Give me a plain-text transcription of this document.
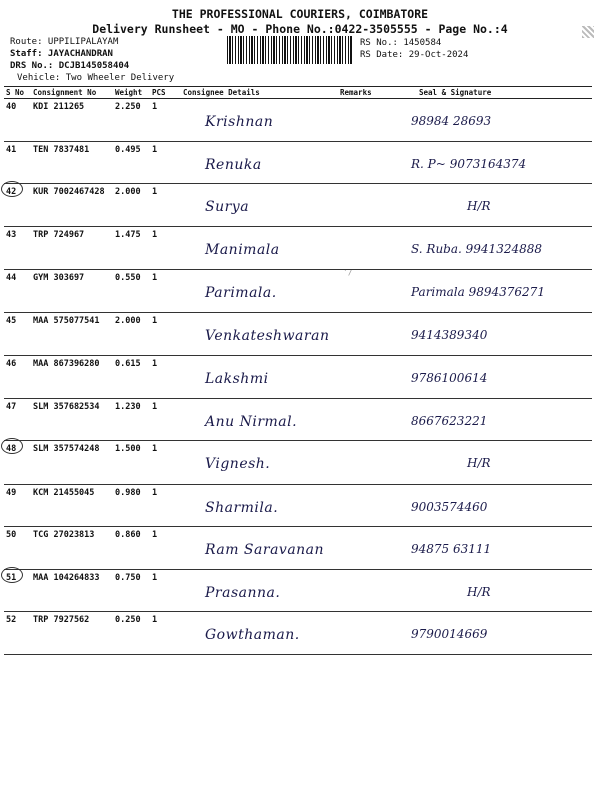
THE PROFESSIONAL COURIERS, COIMBATORE
Delivery Runsheet - MO - Phone No.:0422-3505555 - Page No.:4
Route: UPPILIPALAYAM
Staff: JAYACHANDRAN
DRS No.: DCJB145058404
Vehicle: Two Wheeler Delivery
RS No.: 1450584
RS Date: 29-Oct-2024
ʾ/
S No	Consignment No	Weight	PCS	Consignee Details	Remarks	Seal & Signature
40	KDI 211265	2.250	1	Krishnan		98984 28693

41	TEN 7837481	0.495	1	Renuka		R. P~ 9073164374

42	KUR 7002467428	2.000	1	Surya		H/R

43	TRP 724967	1.475	1	Manimala		S. Ruba. 9941324888

44	GYM 303697	0.550	1	Parimala.		Parimala 9894376271

45	MAA 575077541	2.000	1	Venkateshwaran		9414389340

46	MAA 867396280	0.615	1	Lakshmi		9786100614

47	SLM 357682534	1.230	1	Anu Nirmal.		8667623221

48	SLM 357574248	1.500	1	Vignesh.		H/R

49	KCM 21455045	0.980	1	Sharmila.		9003574460

50	TCG 27023813	0.860	1	Ram Saravanan		94875 63111

51	MAA 104264833	0.750	1	Prasanna.		H/R

52	TRP 7927562	0.250	1	Gowthaman.		9790014669
